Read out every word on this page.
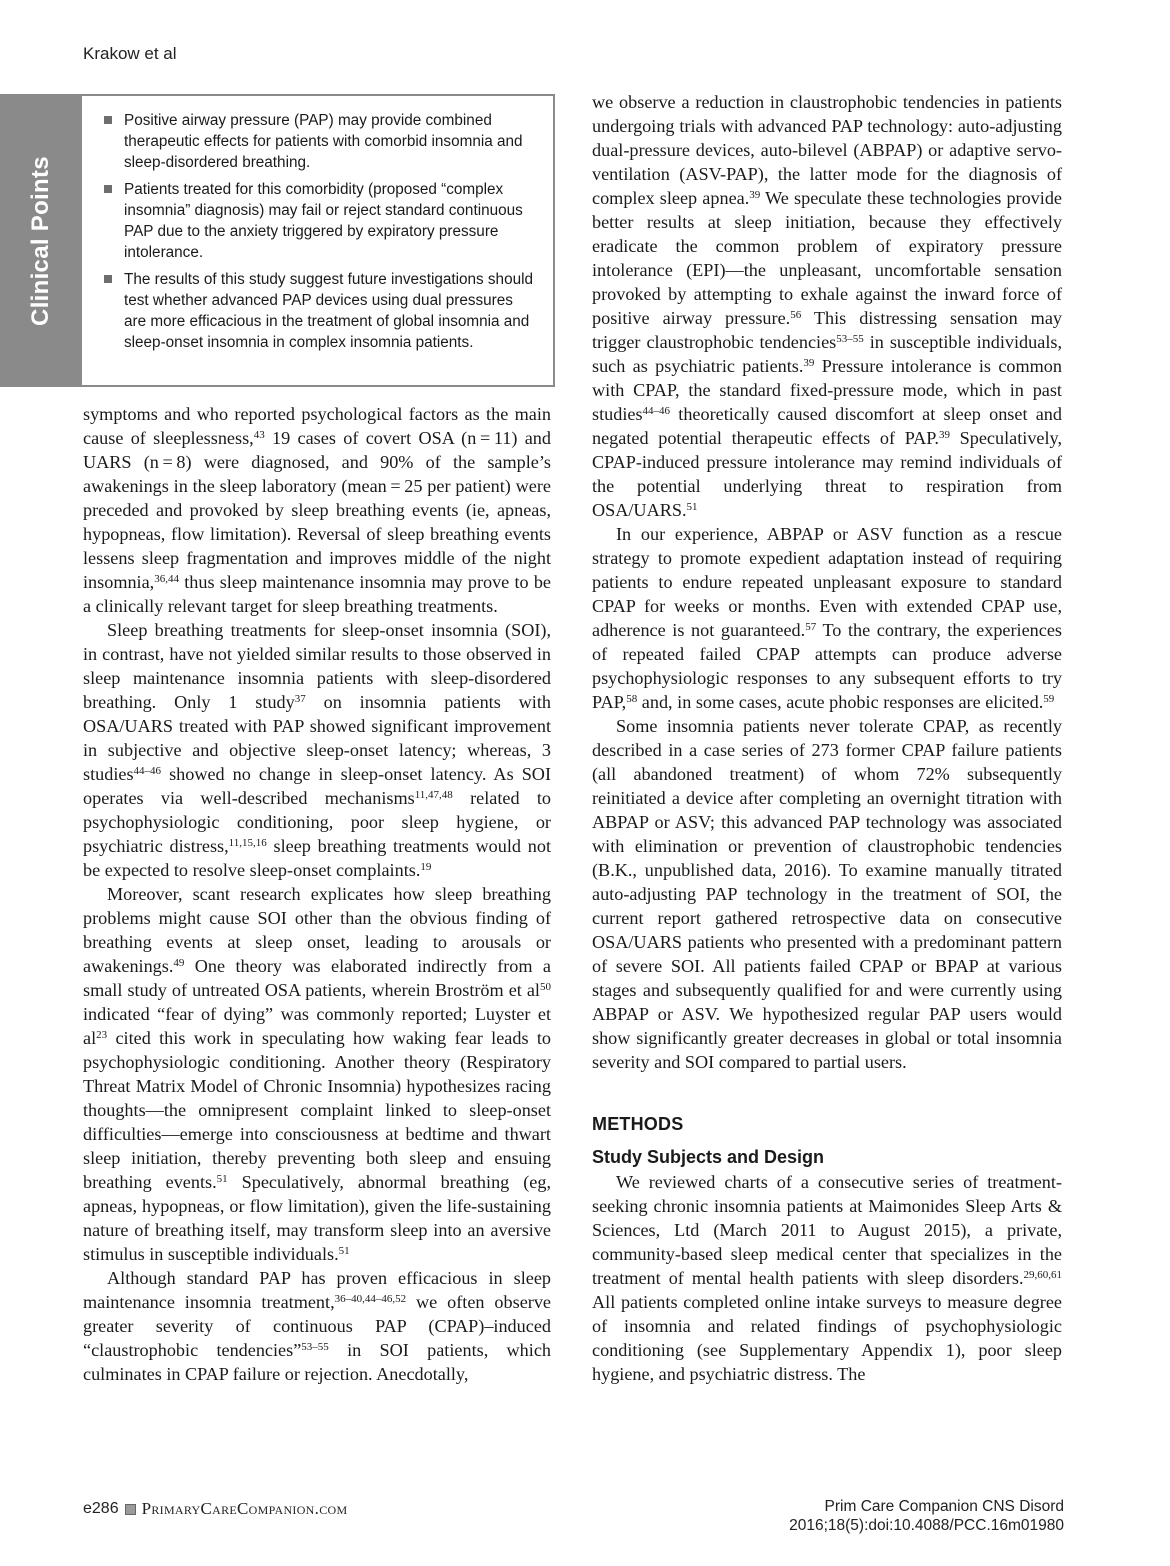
Krakow et al
Clinical Points
Positive airway pressure (PAP) may provide combined therapeutic effects for patients with comorbid insomnia and sleep-disordered breathing.
Patients treated for this comorbidity (proposed “complex insomnia” diagnosis) may fail or reject standard continuous PAP due to the anxiety triggered by expiratory pressure intolerance.
The results of this study suggest future investigations should test whether advanced PAP devices using dual pressures are more efficacious in the treatment of global insomnia and sleep-onset insomnia in complex insomnia patients.

symptoms and who reported psychological factors as the main cause of sleeplessness,$^{43}$ 19 cases of covert OSA (n = 11) and UARS (n = 8) were diagnosed, and 90% of the sample’s awakenings in the sleep laboratory (mean = 25 per patient) were preceded and provoked by sleep breathing events (ie, apneas, hypopneas, flow limitation). Reversal of sleep breathing events lessens sleep fragmentation and improves middle of the night insomnia,$^{36,44}$ thus sleep maintenance insomnia may prove to be a clinically relevant target for sleep breathing treatments.

Sleep breathing treatments for sleep-onset insomnia (SOI), in contrast, have not yielded similar results to those observed in sleep maintenance insomnia patients with sleep-disordered breathing. Only 1 study$^{37}$ on insomnia patients with OSA/UARS treated with PAP showed significant improvement in subjective and objective sleep-onset latency; whereas, 3 studies$^{44-46}$ showed no change in sleep-onset latency. As SOI operates via well-described mechanisms$^{11,47,48}$ related to psychophysiologic conditioning, poor sleep hygiene, or psychiatric distress,$^{11,15,16}$ sleep breathing treatments would not be expected to resolve sleep-onset complaints.$^{19}$

Moreover, scant research explicates how sleep breathing problems might cause SOI other than the obvious finding of breathing events at sleep onset, leading to arousals or awakenings.$^{49}$ One theory was elaborated indirectly from a small study of untreated OSA patients, wherein Broström et $al^{50}$ indicated “fear of dying” was commonly reported; Luyster et $al^{23}$ cited this work in speculating how waking fear leads to psychophysiologic conditioning. Another theory (Respiratory Threat Matrix Model of Chronic Insomnia) hypothesizes racing thoughts—the omnipresent complaint linked to sleep-onset difficulties—emerge into consciousness at bedtime and thwart sleep initiation, thereby preventing both sleep and ensuing breathing events.$^{51}$ Speculatively, abnormal breathing (eg, apneas, hypopneas, or flow limitation), given the life-sustaining nature of breathing itself, may transform sleep into an aversive stimulus in susceptible individuals.$^{51}$

Although standard PAP has proven efficacious in sleep maintenance insomnia treatment,$^{36-40,44-46,52}$ we often observe greater severity of continuous PAP (CPAP)–induced “claustrophobic tendencies”$^{53-55}$ in SOI patients, which culminates in CPAP failure or rejection. Anecdotally,

we observe a reduction in claustrophobic tendencies in patients undergoing trials with advanced PAP technology: auto-adjusting dual-pressure devices, auto-bilevel (ABPAP) or adaptive servo-ventilation (ASV-PAP), the latter mode for the diagnosis of complex sleep apnea.$^{39}$ We speculate these technologies provide better results at sleep initiation, because they effectively eradicate the common problem of expiratory pressure intolerance (EPI)—the unpleasant, uncomfortable sensation provoked by attempting to exhale against the inward force of positive airway pressure.$^{56}$ This distressing sensation may trigger claustrophobic tendencies$^{53-55}$ in susceptible individuals, such as psychiatric patients.$^{39}$ Pressure intolerance is common with CPAP, the standard fixed-pressure mode, which in past studies$^{44-46}$ theoretically caused discomfort at sleep onset and negated potential therapeutic effects of PAP.$^{39}$ Speculatively, CPAP-induced pressure intolerance may remind individuals of the potential underlying threat to respiration from OSA/UARS.$^{51}$

In our experience, ABPAP or ASV function as a rescue strategy to promote expedient adaptation instead of requiring patients to endure repeated unpleasant exposure to standard CPAP for weeks or months. Even with extended CPAP use, adherence is not guaranteed.$^{57}$ To the contrary, the experiences of repeated failed CPAP attempts can produce adverse psychophysiologic responses to any subsequent efforts to try PAP,$^{58}$ and, in some cases, acute phobic responses are elicited.$^{59}$

Some insomnia patients never tolerate CPAP, as recently described in a case series of 273 former CPAP failure patients (all abandoned treatment) of whom 72% subsequently reinitiated a device after completing an overnight titration with ABPAP or ASV; this advanced PAP technology was associated with elimination or prevention of claustrophobic tendencies (B.K., unpublished data, 2016). To examine manually titrated auto-adjusting PAP technology in the treatment of SOI, the current report gathered retrospective data on consecutive OSA/UARS patients who presented with a predominant pattern of severe SOI. All patients failed CPAP or BPAP at various stages and subsequently qualified for and were currently using ABPAP or ASV. We hypothesized regular PAP users would show significantly greater decreases in global or total insomnia severity and SOI compared to partial users.

METHODS
Study Subjects and Design

We reviewed charts of a consecutive series of treatment-seeking chronic insomnia patients at Maimonides Sleep Arts & Sciences, Ltd (March 2011 to August 2015), a private, community-based sleep medical center that specializes in the treatment of mental health patients with sleep disorders.$^{29,60,61}$ All patients completed online intake surveys to measure degree of insomnia and related findings of psychophysiologic conditioning (see Supplementary Appendix 1), poor sleep hygiene, and psychiatric distress. The

e286 PrimaryCareCompanion.com	Prim Care Companion CNS Disord
2016;18(5):doi:10.4088/PCC.16m01980
